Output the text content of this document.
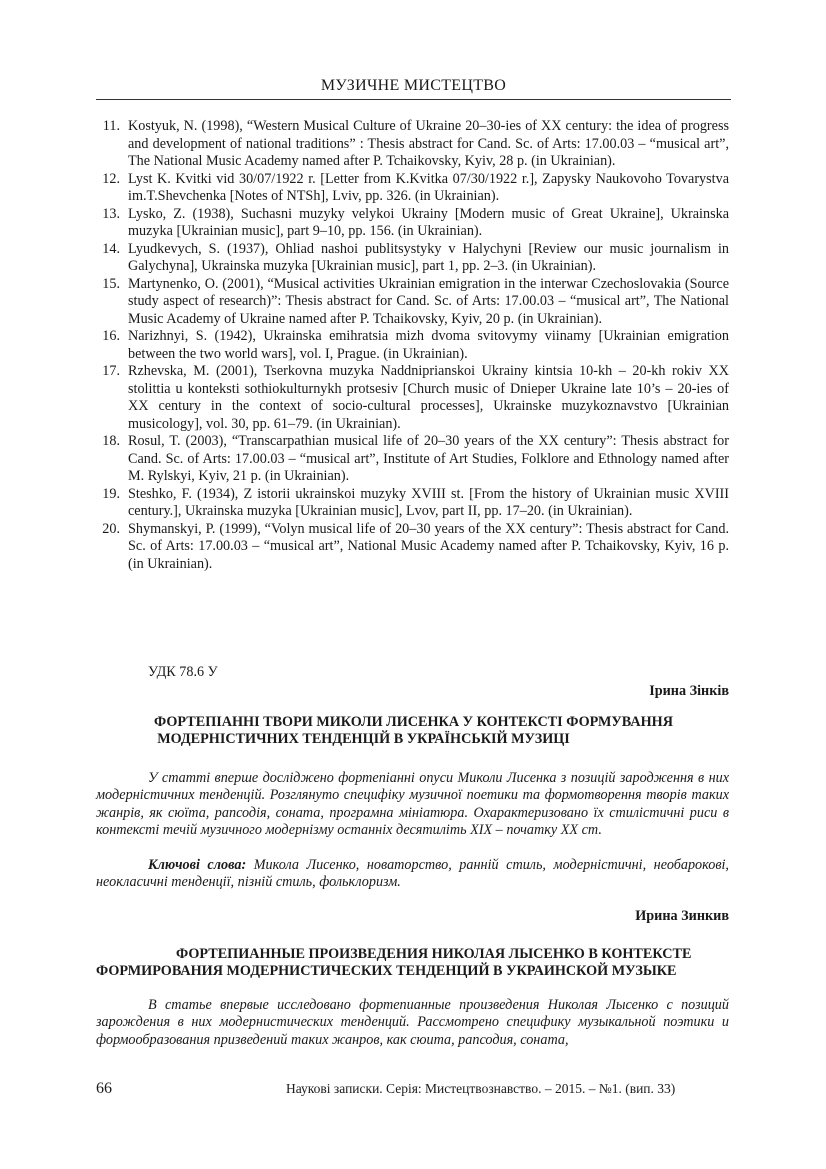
МУЗИЧНЕ МИСТЕЦТВО
11. Kostyuk, N. (1998), “Western Musical Culture of Ukraine 20–30-ies of XX century: the idea of progress and development of national traditions” : Thesis abstract for Cand. Sc. of Arts: 17.00.03 – “musical art”, The National Music Academy named after P. Tchaikovsky, Kyiv, 28 p. (in Ukrainian).
12. Lyst K. Kvitki vid 30/07/1922 r. [Letter from K.Kvitka 07/30/1922 r.], Zapysky Naukovoho Tovarystva im.T.Shevchenka [Notes of NTSh], Lviv, pp. 326. (in Ukrainian).
13. Lysko, Z. (1938), Suchasni muzyky velykoi Ukrainy [Modern music of Great Ukraine], Ukrainska muzyka [Ukrainian music], part 9–10, pp. 156. (in Ukrainian).
14. Lyudkevych, S. (1937), Ohliad nashoi publitsystyky v Halychyni [Review our music journalism in Galychyna], Ukrainska muzyka [Ukrainian music], part 1, pp. 2–3. (in Ukrainian).
15. Martynenko, O. (2001), “Musical activities Ukrainian emigration in the interwar Czechoslovakia (Source study aspect of research)”: Thesis abstract for Cand. Sc. of Arts: 17.00.03 – “musical art”, The National Music Academy of Ukraine named after P. Tchaikovsky, Kyiv, 20 p. (in Ukrainian).
16. Narizhnyi, S. (1942), Ukrainska emihratsia mizh dvoma svitovymy viinamy [Ukrainian emigration between the two world wars], vol. I, Prague. (in Ukrainian).
17. Rzhevska, M. (2001), Tserkovna muzyka Naddniprianskoi Ukrainy kintsia 10-kh – 20-kh rokiv XX stolittia u konteksti sothiokulturnykh protsesiv [Church music of Dnieper Ukraine late 10’s – 20-ies of XX century in the context of socio-cultural processes], Ukrainske muzykoznavstvo [Ukrainian musicology], vol. 30, pp. 61–79. (in Ukrainian).
18. Rosul, T. (2003), “Transcarpathian musical life of 20–30 years of the XX century”: Thesis abstract for Cand. Sc. of Arts: 17.00.03 – “musical art”, Institute of Art Studies, Folklore and Ethnology named after M. Rylskyi, Kyiv, 21 p. (in Ukrainian).
19. Steshko, F. (1934), Z istorii ukrainskoi muzyky XVIII st. [From the history of Ukrainian music XVIII century.], Ukrainska muzyka [Ukrainian music], Lvov, part II, pp. 17–20. (in Ukrainian).
20. Shymanskyi, P. (1999), “Volyn musical life of 20–30 years of the XX century”: Thesis abstract for Cand. Sc. of Arts: 17.00.03 – “musical art”, National Music Academy named after P. Tchaikovsky, Kyiv, 16 p. (in Ukrainian).
УДК 78.6 У
Ірина Зінків
ФОРТЕПІАННІ ТВОРИ МИКОЛИ ЛИСЕНКА У КОНТЕКСТІ ФОРМУВАННЯ
МОДЕРНІСТИЧНИХ ТЕНДЕНЦІЙ В УКРАЇНСЬКІЙ МУЗИЦІ

У статті вперше досліджено фортепіанні опуси Миколи Лисенка з позицій зародження в них модерністичних тенденцій. Розглянуто специфіку музичної поетики та формотворення творів таких жанрів, як сюїта, рапсодія, соната, програмна мініатюра. Охарактеризовано їх стилістичні риси в контексті течій музичного модернізму останніх десятиліть XIX – початку XX ст.

Ключові слова: Микола Лисенко, новаторство, ранній стиль, модерністичні, необарокові, неокласичні тенденції, пізній стиль, фольклоризм.

Ирина Зинкив
ФОРТЕПИАННЫЕ ПРОИЗВЕДЕНИЯ НИКОЛАЯ ЛЫСЕНКО В КОНТЕКСТЕ
ФОРМИРОВАНИЯ МОДЕРНИСТИЧЕСКИХ ТЕНДЕНЦИЙ В УКРАИНСКОЙ МУЗЫКЕ

В статье впервые исследовано фортепианные произведения Николая Лысенко с позиций зарождения в них модернистических тенденций. Рассмотрено специфику музыкальной поэтики и формообразования призведений таких жанров, как сюита, рапсодия, соната,

66	Наукові записки. Серія: Мистецтвознавство. – 2015. – №1. (вип. 33)
